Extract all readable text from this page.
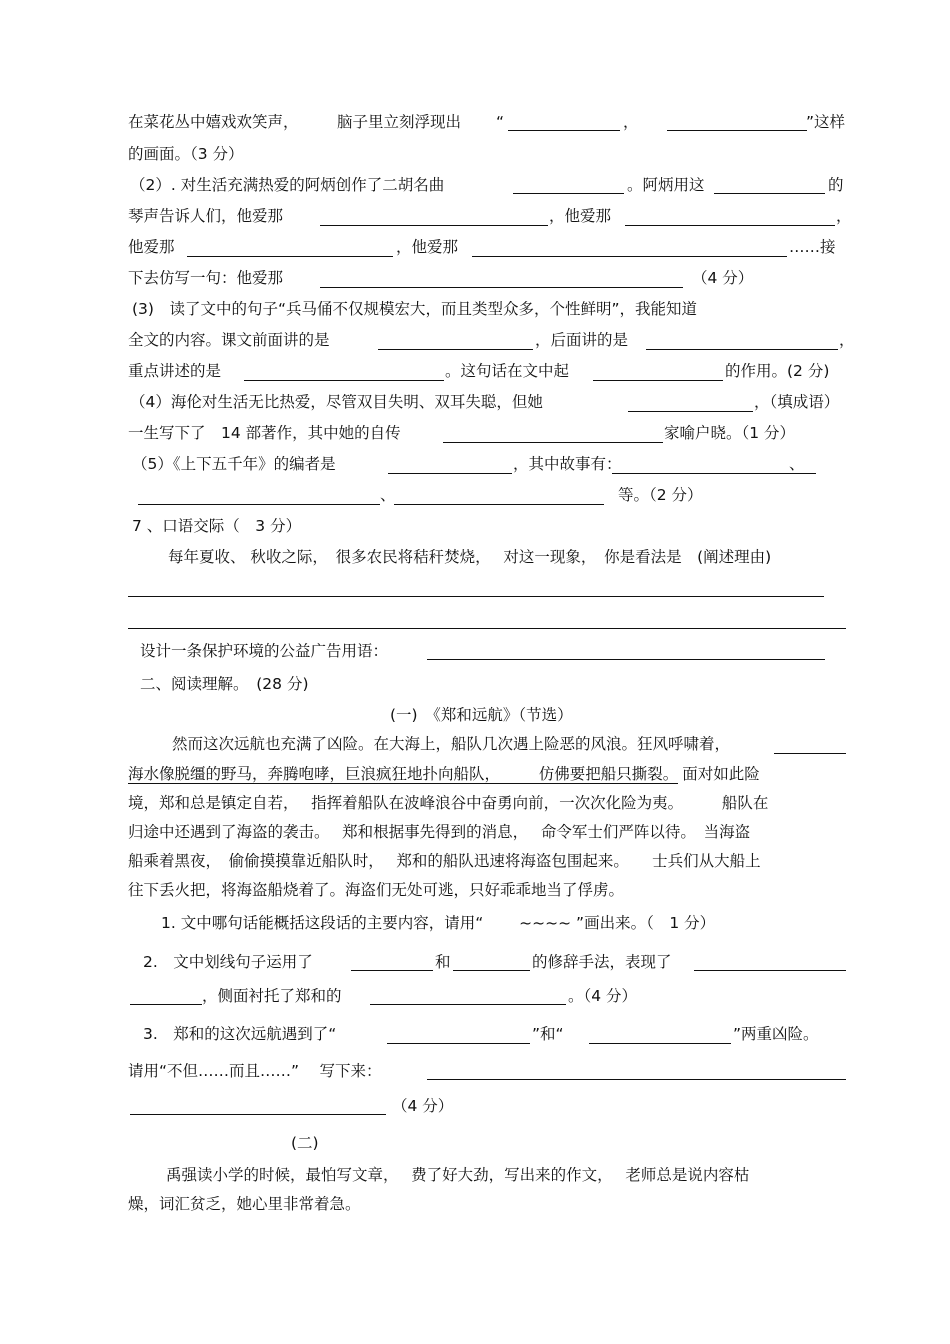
在菜花丛中嬉戏欢笑声， 脑子里立刻浮现出 “	，	”这样
的画面。（3 分）
（2）. 对生活充满热爱的阿炳创作了二胡名曲	。阿炳用这	的
琴声告诉人们，他爱那	，他爱那	，
他爱那	，他爱那	……接
下去仿写一句：他爱那	（4 分）
(3)　读了文中的句子“兵马俑不仅规模宏大，而且类型众多，个性鲜明”，我能知道
全文的内容。课文前面讲的是	，后面讲的是	，
重点讲述的是	。这句话在文中起	的作用。(2 分)
（4）海伦对生活无比热爱，尽管双目失明、双耳失聪，但她	，（填成语）
一生写下了　14 部著作，其中她的自传	家喻户晓。（1 分）
（5）《上下五千年》的编者是	，其中故事有：	、
、	等。（2 分）
7 、口语交际（　3 分）
每年夏收、 秋收之际，　很多农民将秸秆焚烧，　 对这一现象，　你是看法是　(阐述理由)
设计一条保护环境的公益广告用语：
二、阅读理解。　(28 分)
(一)　《郑和远航》（节选）
然而这次远航也充满了凶险。在大海上，船队几次遇上险恶的风浪。狂风呼啸着，
海水像脱缰的野马，奔腾咆哮，巨浪疯狂地扑向船队，　　　仿佛要把船只撕裂。 面对如此险
境，郑和总是镇定自若，　 指挥着船队在波峰浪谷中奋勇向前，一次次化险为夷。　　　船队在
归途中还遇到了海盗的袭击。　 郑和根据事先得到的消息，　 命令军士们严阵以待。　当海盗
船乘着黑夜，　偷偷摸摸靠近船队时，　 郑和的船队迅速将海盗包围起来。　　士兵们从大船上
往下丢火把，将海盗船烧着了。海盗们无处可逃，只好乖乖地当了俘虏。
1. 文中哪句话能概括这段话的主要内容，请用“　　 ~~~~ ”画出来。（　1 分）
2.　文中划线句子运用了	和	的修辞手法，表现了
，侧面衬托了郑和的	。（4 分）
3.　郑和的这次远航遇到了“	”和“	”两重凶险。
请用“不但……而且……”　 写下来：
（4 分）
(二)
禹强读小学的时候，最怕写文章，　 费了好大劲，写出来的作文，　 老师总是说内容枯
燥，词汇贫乏，她心里非常着急。
